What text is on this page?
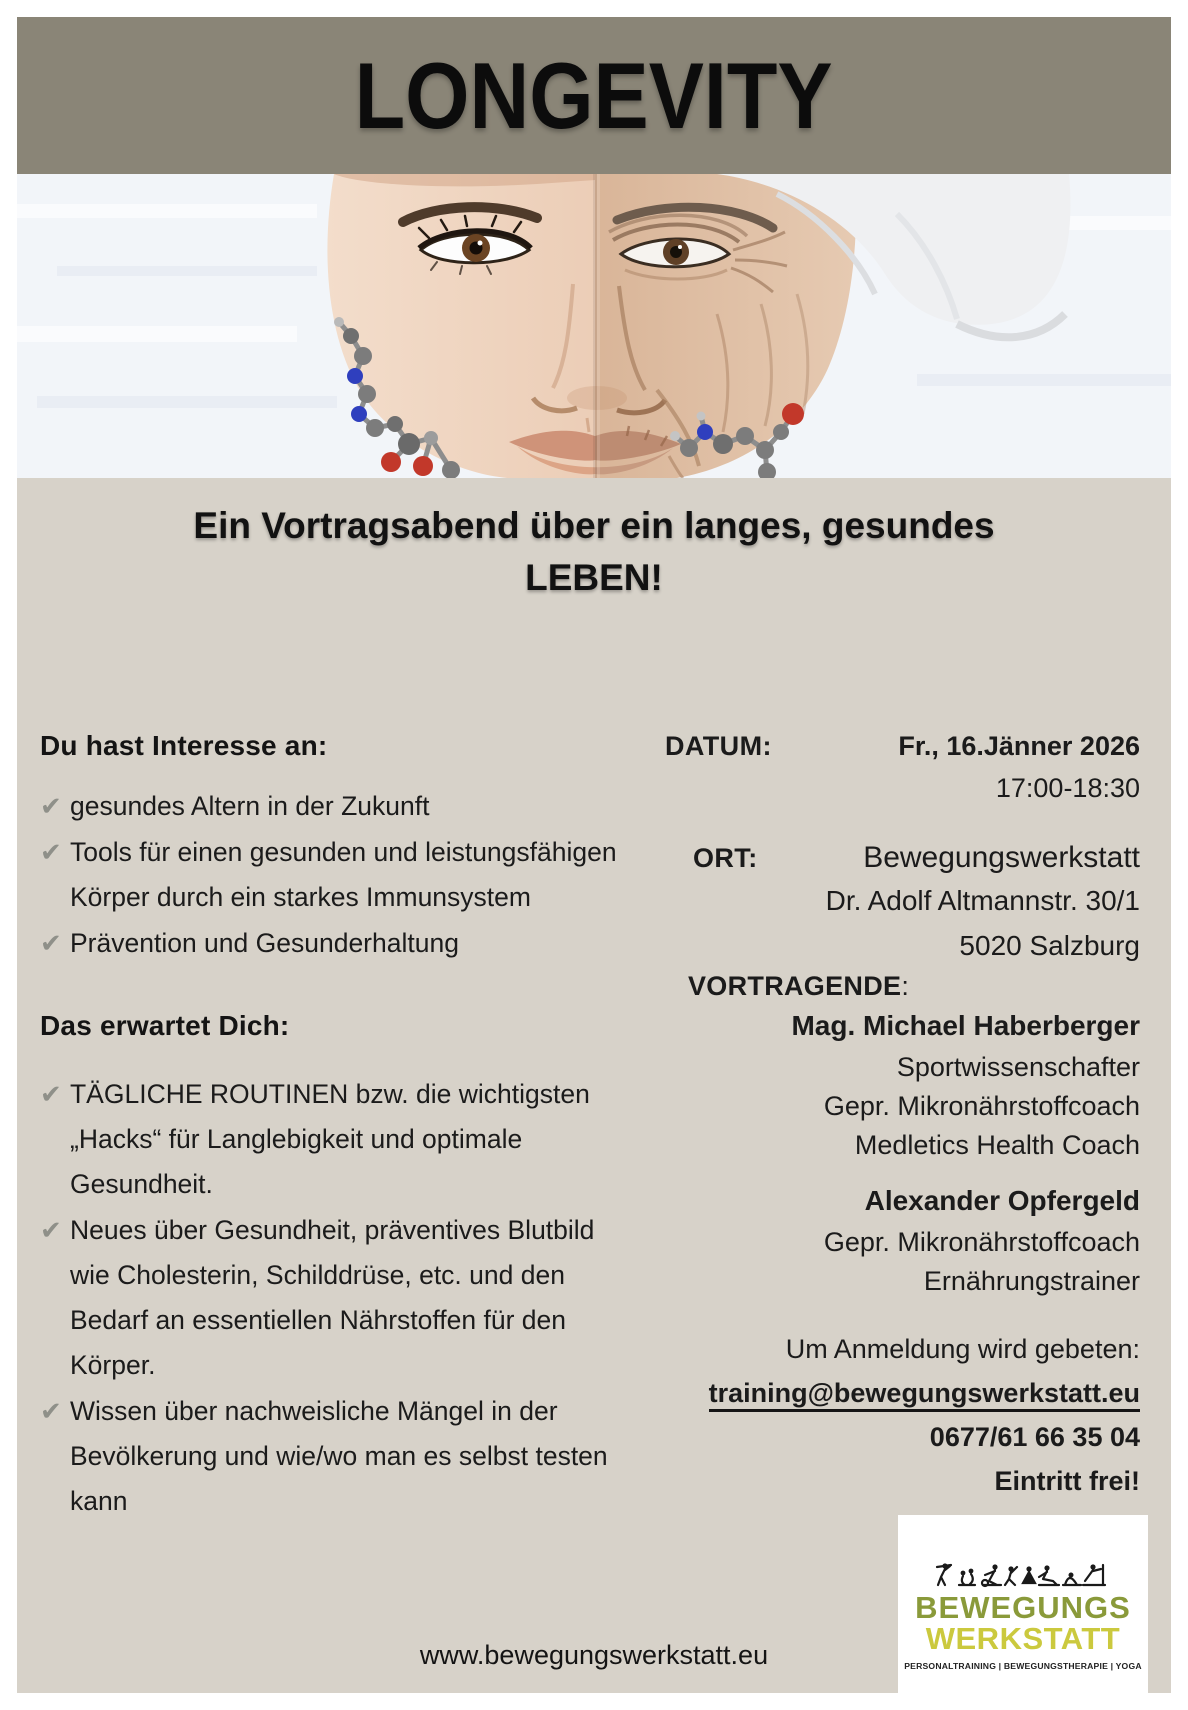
LONGEVITY
Ein Vortragsabend über ein langes, gesundes
LEBEN!
Du hast Interesse an:
✔ gesundes Altern in der Zukunft
✔ Tools für einen gesunden und leistungsfähigen Körper durch ein starkes Immunsystem
✔ Prävention und Gesunderhaltung
Das erwartet Dich:
✔ TÄGLICHE ROUTINEN bzw. die wichtigsten „Hacks“ für Langlebigkeit und optimale Gesundheit.
✔ Neues über Gesundheit, präventives Blutbild wie Cholesterin, Schilddrüse, etc. und den Bedarf an essentiellen Nährstoffen für den Körper.
✔ Wissen über nachweisliche Mängel in der Bevölkerung und wie/wo man es selbst testen kann
DATUM:	Fr., 16.Jänner 2026
17:00-18:30
ORT:	Bewegungswerkstatt
Dr. Adolf Altmannstr. 30/1
5020 Salzburg
VORTRAGENDE:
Mag. Michael Haberberger
Sportwissenschafter
Gepr. Mikronährstoffcoach
Medletics Health Coach
Alexander Opfergeld
Gepr. Mikronährstoffcoach
Ernährungstrainer
Um Anmeldung wird gebeten:
training@bewegungswerkstatt.eu
0677/61 66 35 04
Eintritt frei!
www.bewegungswerkstatt.eu
BEWEGUNGS
WERKSTATT
PERSONALTRAINING | BEWEGUNGSTHERAPIE | YOGA
